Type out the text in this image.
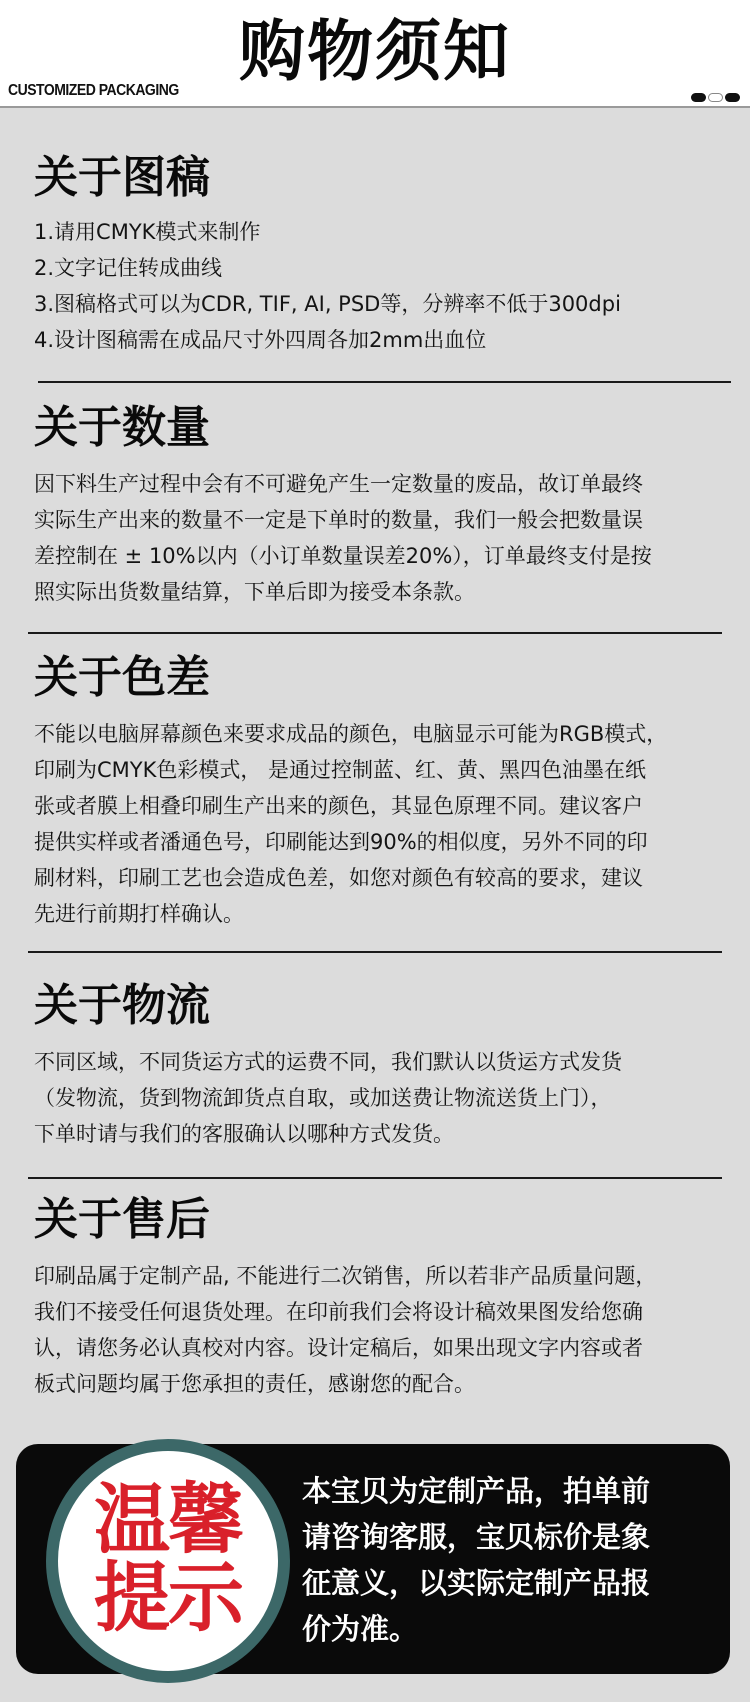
购物须知
CUSTOMIZED PACKAGING
关于图稿
1.请用CMYK模式来制作
2.文字记住转成曲线
3.图稿格式可以为CDR, TIF, AI, PSD等，分辨率不低于300dpi
4.设计图稿需在成品尺寸外四周各加2mm出血位
关于数量
因下料生产过程中会有不可避免产生一定数量的废品，故订单最终
实际生产出来的数量不一定是下单时的数量，我们一般会把数量误
差控制在 ± 10%以内（小订单数量误差20%），订单最终支付是按
照实际出货数量结算，下单后即为接受本条款。
关于色差
不能以电脑屏幕颜色来要求成品的颜色，电脑显示可能为RGB模式，
印刷为CMYK色彩模式， 是通过控制蓝、红、黄、黑四色油墨在纸
张或者膜上相叠印刷生产出来的颜色，其显色原理不同。建议客户
提供实样或者潘通色号，印刷能达到90%的相似度，另外不同的印
刷材料，印刷工艺也会造成色差，如您对颜色有较高的要求，建议
先进行前期打样确认。
关于物流
不同区域，不同货运方式的运费不同，我们默认以货运方式发货
（发物流，货到物流卸货点自取，或加送费让物流送货上门），
下单时请与我们的客服确认以哪种方式发货。
关于售后
印刷品属于定制产品, 不能进行二次销售，所以若非产品质量问题，
我们不接受任何退货处理。在印前我们会将设计稿效果图发给您确
认，请您务必认真校对内容。设计定稿后，如果出现文字内容或者
板式问题均属于您承担的责任，感谢您的配合。
温馨
提示
本宝贝为定制产品，拍单前
请咨询客服，宝贝标价是象
征意义，以实际定制产品报
价为准。
